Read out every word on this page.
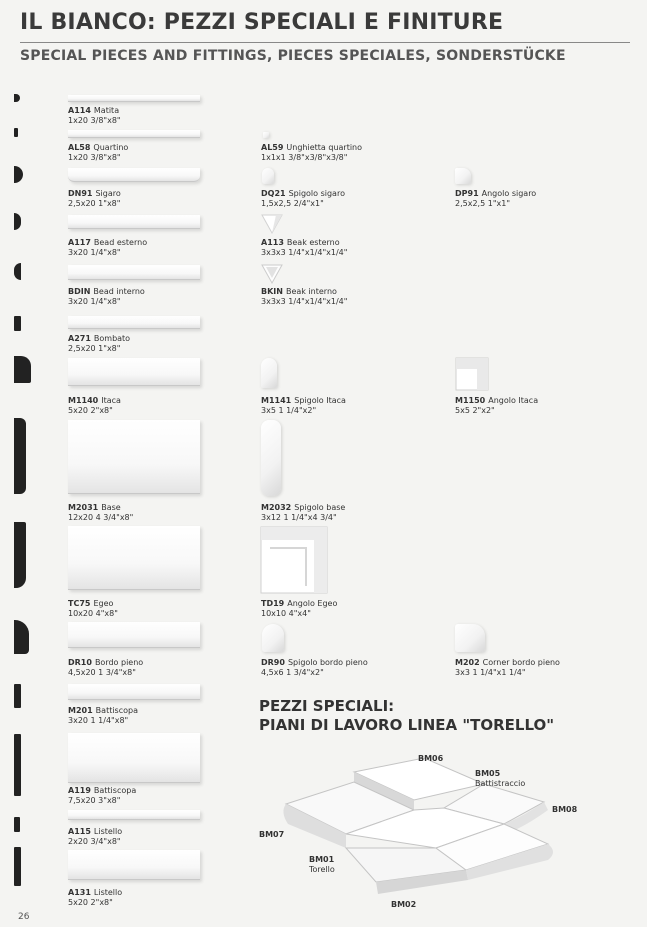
IL BIANCO: PEZZI SPECIALI E FINITURE
SPECIAL PIECES AND FITTINGS, PIECES SPECIALES, SONDERSTÜCKE
A114 Matita
1x20 3/8"x8"
AL58 Quartino
1x20 3/8"x8"
DN91 Sigaro
2,5x20 1"x8"
A117 Bead esterno
3x20 1/4"x8"
BDIN Bead interno
3x20 1/4"x8"
A271 Bombato
2,5x20 1"x8"
M1140 Itaca
5x20 2"x8"
M2031 Base
12x20 4 3/4"x8"
TC75 Egeo
10x20 4"x8"
DR10 Bordo pieno
4,5x20 1 3/4"x8"
M201 Battiscopa
3x20 1 1/4"x8"
A119 Battiscopa
7,5x20 3"x8"
A115 Listello
2x20 3/4"x8"
A131 Listello
5x20 2"x8"
AL59 Unghietta quartino
1x1x1 3/8"x3/8"x3/8"
DQ21 Spigolo sigaro
1,5x2,5 2/4"x1"
A113 Beak esterno
3x3x3 1/4"x1/4"x1/4"
BKIN Beak interno
3x3x3 1/4"x1/4"x1/4"
M1141 Spigolo Itaca
3x5 1 1/4"x2"
M2032 Spigolo base
3x12 1 1/4"x4 3/4"
TD19 Angolo Egeo
10x10 4"x4"
DR90 Spigolo bordo pieno
4,5x6 1 3/4"x2"
DP91 Angolo sigaro
2,5x2,5 1"x1"
M1150 Angolo Itaca
5x5 2"x2"
M202 Corner bordo pieno
3x3 1 1/4"x1 1/4"
PEZZI SPECIALI:
PIANI DI LAVORO LINEA "TORELLO"
BM06
BM05
Battistraccio
BM08
BM07
BM01
Torello
BM02
26
